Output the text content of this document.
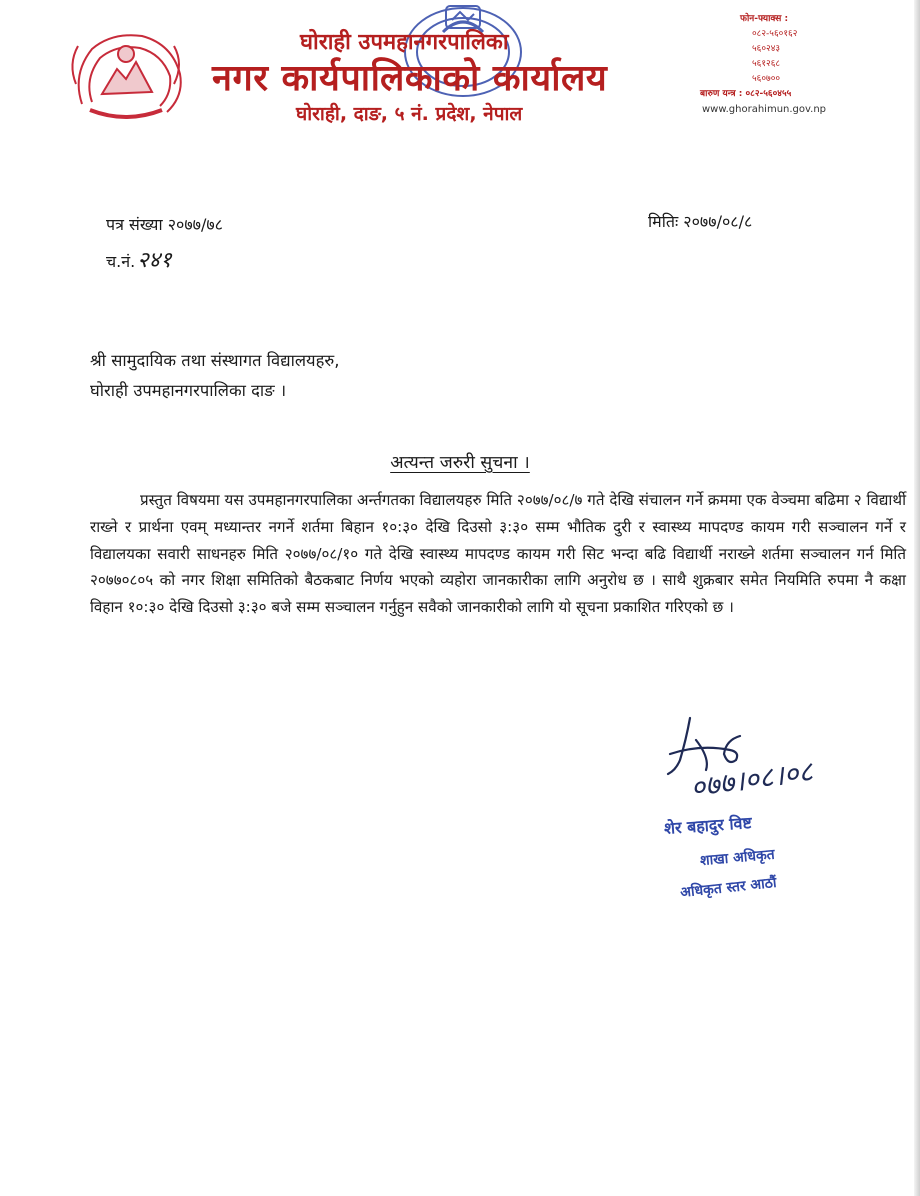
घोराही उपमहानगरपालिका
नगर कार्यपालिकाको कार्यालय
घोराही, दाङ, ५ नं. प्रदेश, नेपाल
फोन-फ्याक्स :
०८२-५६०१६२
५६०२४३
५६१२६८
५६०७००
बारुण यन्त्र : ०८२-५६०४५५
www.ghorahimun.gov.np
पत्र संख्या २०७७/७८	मितिः २०७७/०८/८
च.नं.२४१
श्री सामुदायिक तथा संस्थागत विद्यालयहरु,
घोराही उपमहानगरपालिका दाङ ।
अत्यन्त जरुरी सुचना ।

प्रस्तुत विषयमा यस उपमहानगरपालिका अर्न्तगतका विद्यालयहरु मिति २०७७/०८/७ गते देखि संचालन गर्ने क्रममा एक वेञ्चमा बढिमा २ विद्यार्थी राख्ने र प्रार्थना एवम् मध्यान्तर नगर्ने शर्तमा बिहान १०:३० देखि दिउसो ३:३० सम्म भौतिक दुरी र स्वास्थ्य मापदण्ड कायम गरी सञ्चालन गर्ने र विद्यालयका सवारी साधनहरु मिति २०७७/०८/१० गते देखि स्वास्थ्य मापदण्ड कायम गरी सिट भन्दा बढि विद्यार्थी नराख्ने शर्तमा सञ्चालन गर्न मिति २०७७०८०५ को नगर शिक्षा समितिको बैठकबाट निर्णय भएको व्यहोरा जानकारीका लागि अनुरोध छ । साथै शुक्रबार समेत नियमिति रुपमा नै कक्षा विहान १०:३० देखि दिउसो ३:३० बजे सम्म सञ्चालन गर्नुहुन सवैको जानकारीको लागि यो सूचना प्रकाशित गरिएको छ ।

०७७।०८।०८
शेर बहादुर विष्ट
शाखा अधिकृत
अधिकृत स्तर आठौं
